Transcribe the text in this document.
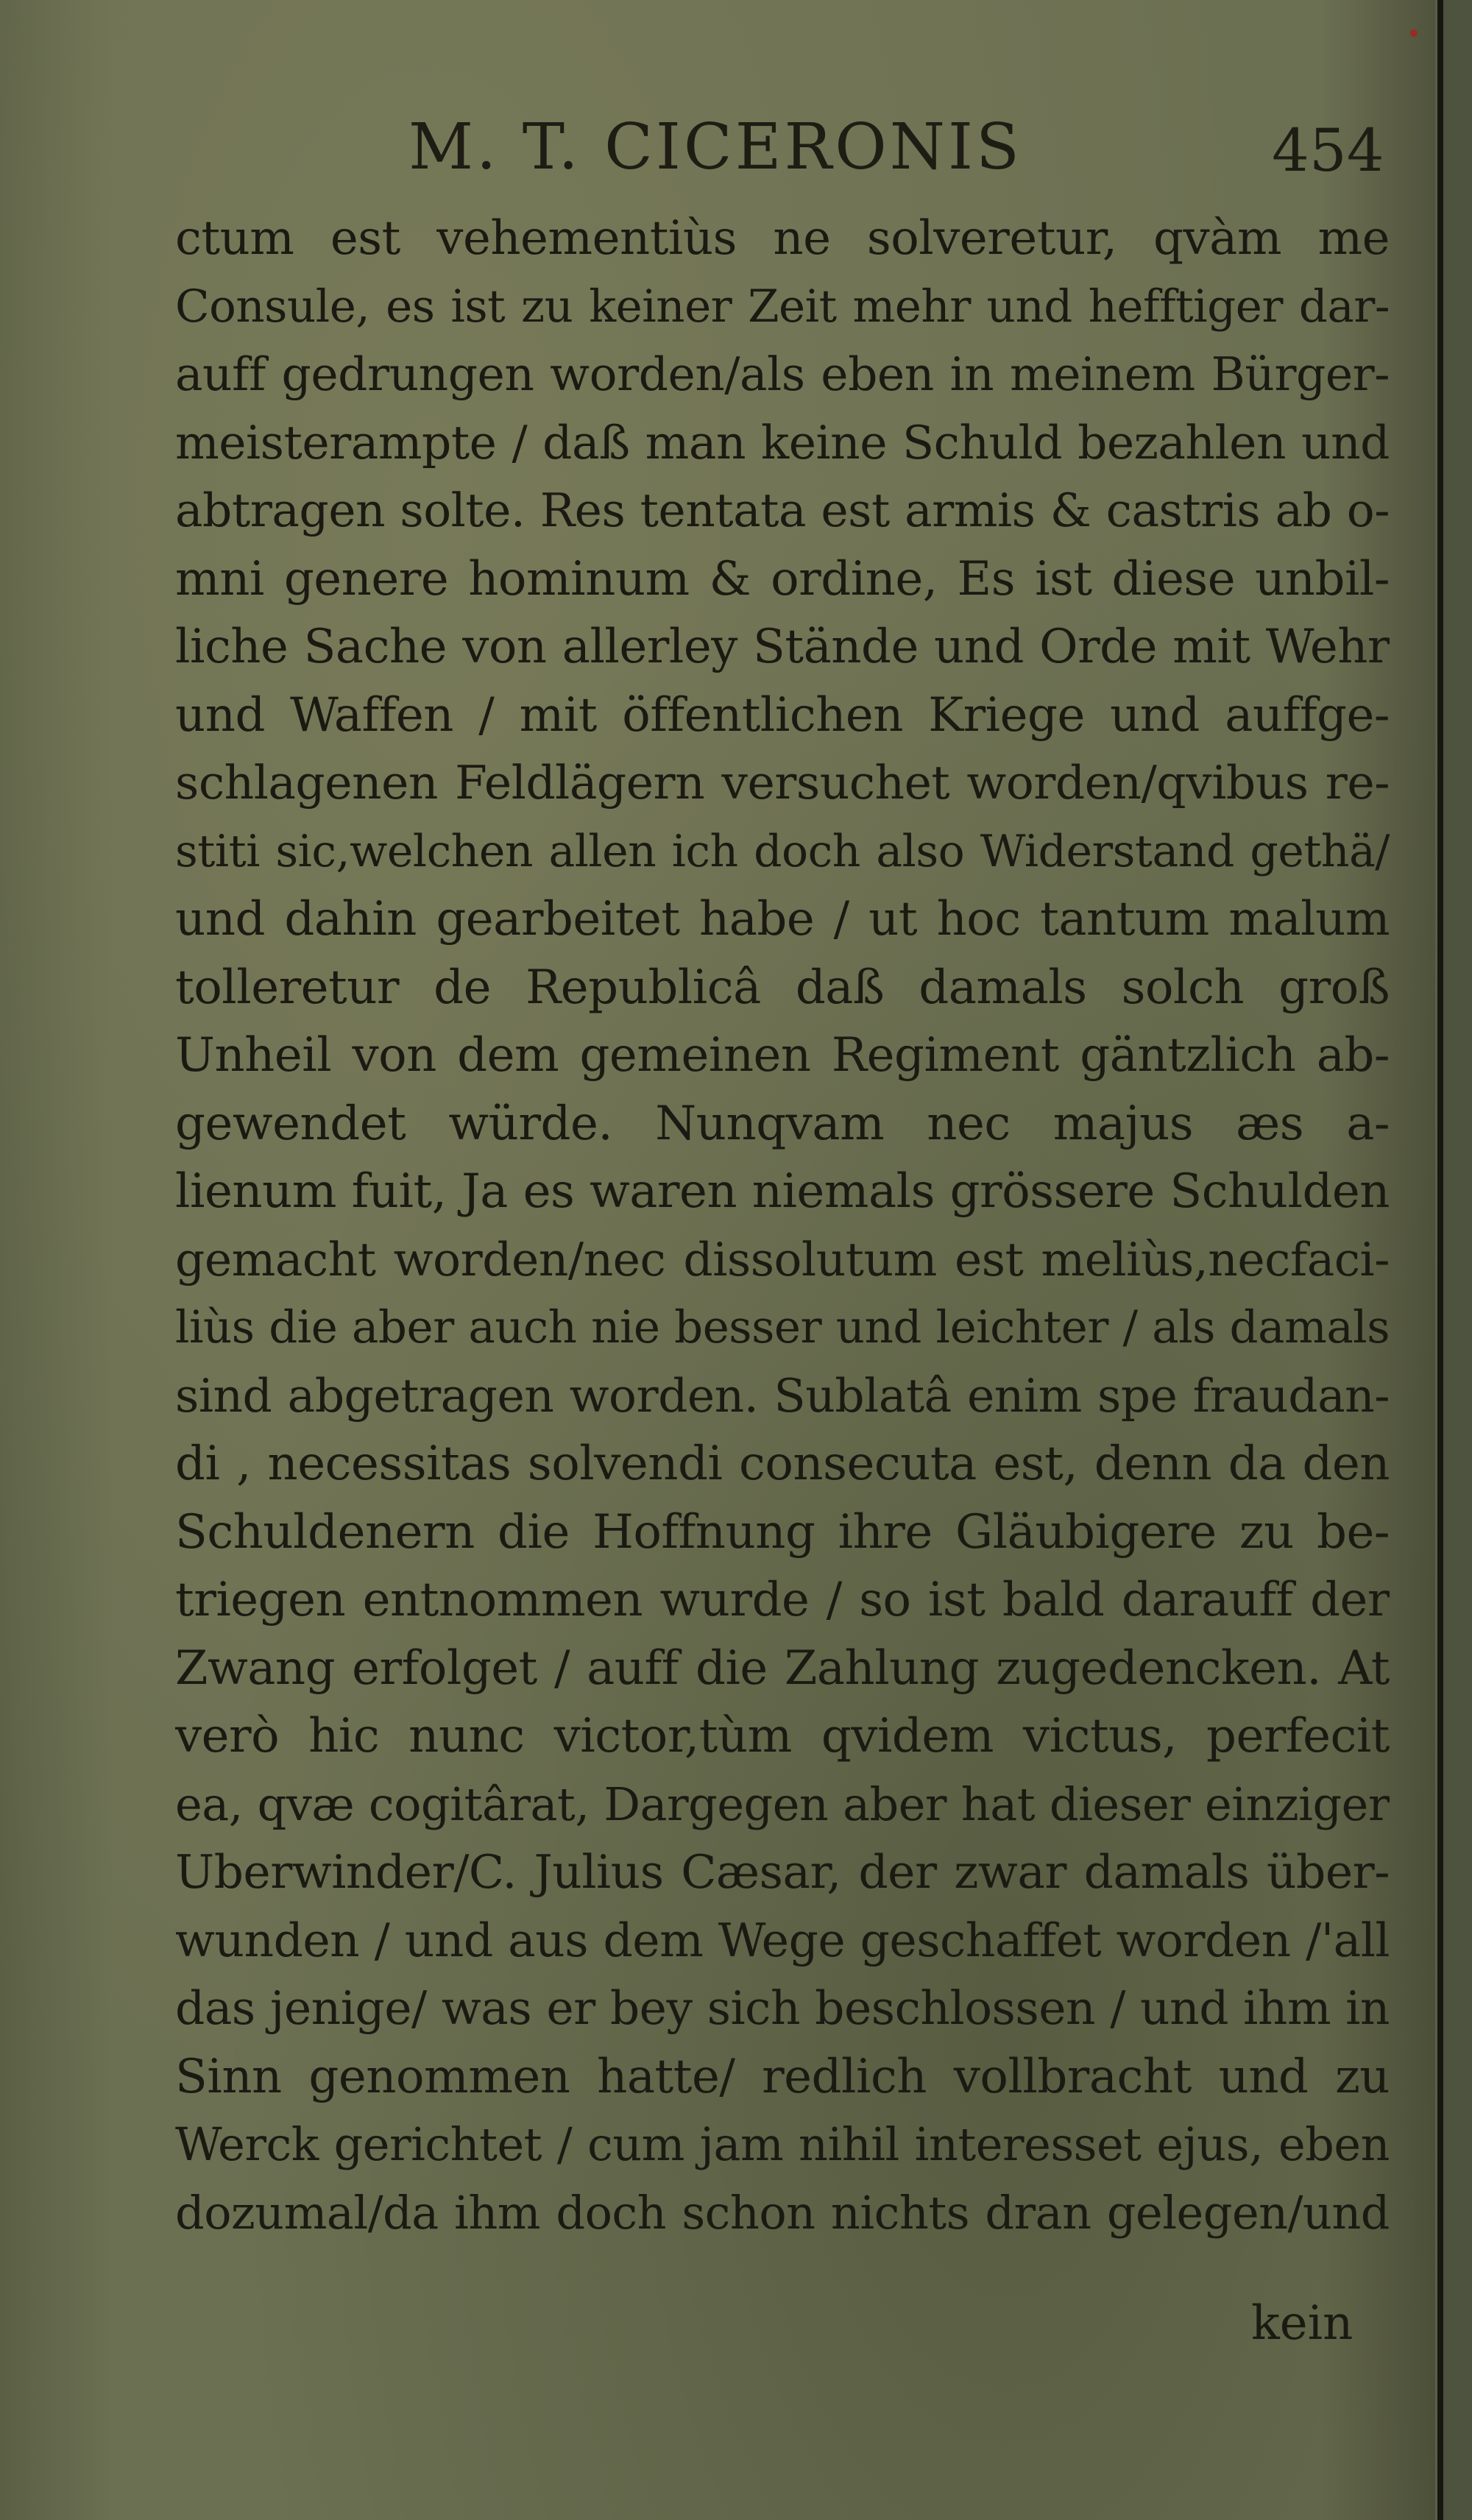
M. T. CICERONIS	454
ctum est vehementiùs ne solveretur, qvàm me
Consule, es ist zu keiner Zeit mehr und hefftiger dar-
auff gedrungen worden/als eben in meinem Bürger-
meisterampte / daß man keine Schuld bezahlen und
abtragen solte. Res tentata est armis & castris ab o-
mni genere hominum & ordine, Es ist diese unbil-
liche Sache von allerley Stände und Orde mit Wehr
und Waffen / mit öffentlichen Kriege und auffge-
schlagenen Feldlägern versuchet worden/qvibus re-
stiti sic,welchen allen ich doch also Widerstand gethä/
und dahin gearbeitet habe / ut hoc tantum malum
tolleretur de Republicâ daß damals solch groß
Unheil von dem gemeinen Regiment gäntzlich ab-
gewendet würde. Nunqvam nec majus æs a-
lienum fuit, Ja es waren niemals grössere Schulden
gemacht worden/nec dissolutum est meliùs,necfaci-
liùs die aber auch nie besser und leichter / als damals
sind abgetragen worden. Sublatâ enim spe fraudan-
di , necessitas solvendi consecuta est, denn da den
Schuldenern die Hoffnung ihre Gläubigere zu be-
triegen entnommen wurde / so ist bald darauff der
Zwang erfolget / auff die Zahlung zugedencken. At
verò hic nunc victor,tùm qvidem victus, perfecit
ea, qvæ cogitârat, Dargegen aber hat dieser einziger
Uberwinder/C. Julius Cæsar, der zwar damals über-
wunden / und aus dem Wege geschaffet worden /'all
das jenige/ was er bey sich beschlossen / und ihm in
Sinn genommen hatte/ redlich vollbracht und zu
Werck gerichtet / cum jam nihil interesset ejus, eben
dozumal/da ihm doch schon nichts dran gelegen/und
kein
